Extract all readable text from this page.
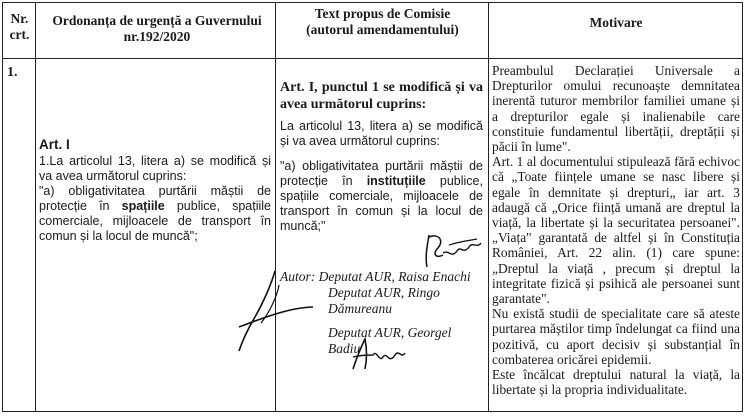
Nr. crt.
Ordonanța de urgență a Guvernului nr.192/2020
Text propus de Comisie (autorul amendamentului)	Motivare
1.

Art. I

1.La articolul 13, litera a) se modifică și va avea următorul cuprins:

"a) obligativitatea purtării măștii de protecție în spațiile publice, spațiile comerciale, mijloacele de transport în comun și la locul de muncă";

Art. I, punctul 1 se modifică și va avea următorul cuprins:

La articolul 13, litera a) se modifică și va avea următorul cuprins:

"a) obligativitatea purtării măștii de protecție în instituțiile publice, spațiile comerciale, mijloacele de transport în comun și la locul de muncă;"

Autor: Deputat AUR, Raisa Enachi

Deputat AUR, Ringo Dămureanu

Deputat AUR, Georgel Badiu

Preambulul Declarației Universale a Drepturilor omului recunoaște demnitatea inerentă tuturor membrilor familiei umane și a drepturilor egale și inalienabile care constituie fundamentul libertății, dreptății și păcii în lume".

Art. 1 al documentului stipulează fără echivoc că „Toate ființele umane se nasc libere și egale în demnitate și drepturi„ iar art. 3 adaugă că „Orice ființă umană are dreptul la viață, la libertate și la securitatea persoanei". „Viața" garantată de altfel și în Constituția României, Art. 22 alin. (1) care spune: „Dreptul la viață , precum și dreptul la integritate fizică și psihică ale persoanei sunt garantate".

Nu există studii de specialitate care să ateste purtarea măștilor timp îndelungat ca fiind una pozitivă, cu aport decisiv și substanțial în combaterea oricărei epidemii.

Este încălcat dreptului natural la viață, la libertate și la propria individualitate.
